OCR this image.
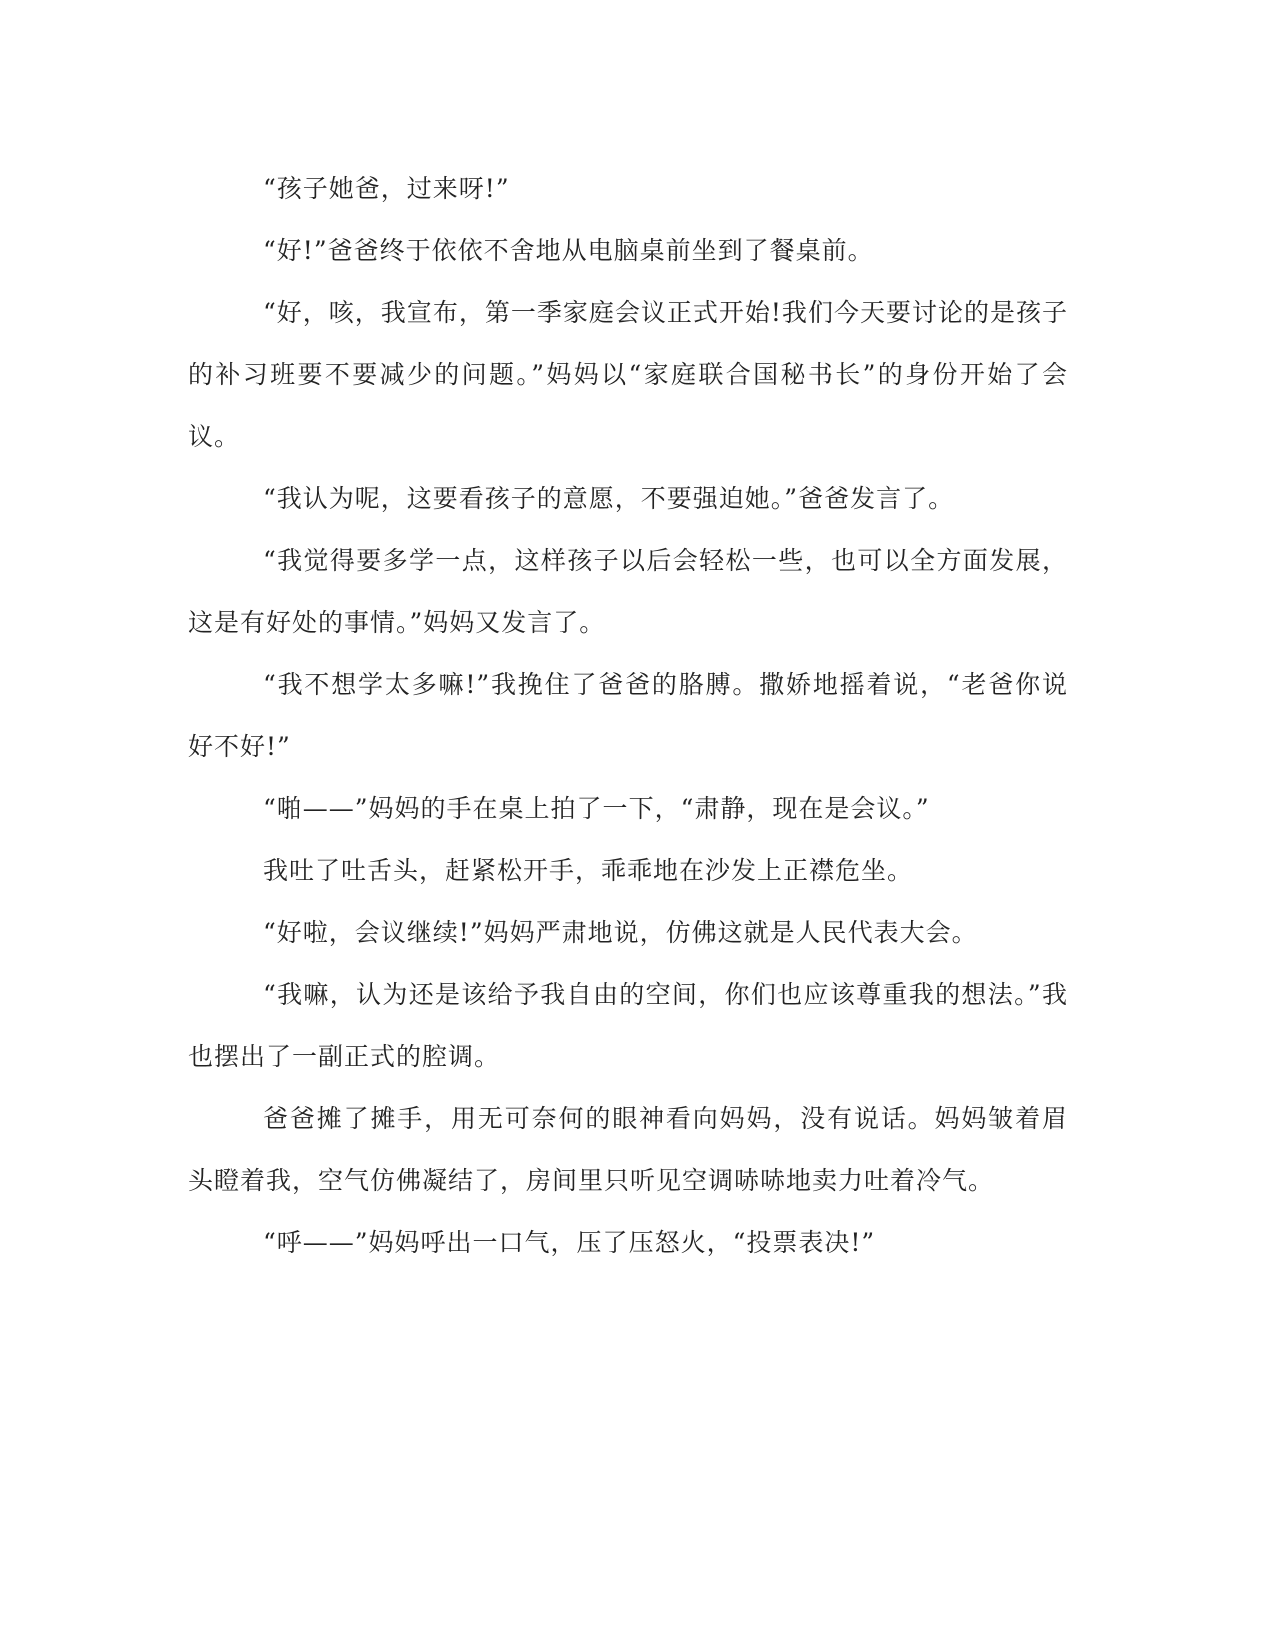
“孩子她爸，过来呀!”

“好!”爸爸终于依依不舍地从电脑桌前坐到了餐桌前。

“好，咳，我宣布，第一季家庭会议正式开始!我们今天要讨论的是孩子的补习班要不要减少的问题。”妈妈以“家庭联合国秘书长”的身份开始了会议。

“我认为呢，这要看孩子的意愿，不要强迫她。”爸爸发言了。

“我觉得要多学一点，这样孩子以后会轻松一些，也可以全方面发展，这是有好处的事情。”妈妈又发言了。

“我不想学太多嘛!”我挽住了爸爸的胳膊。撒娇地摇着说，“老爸你说好不好!”

“啪——”妈妈的手在桌上拍了一下，“肃静，现在是会议。”

我吐了吐舌头，赶紧松开手，乖乖地在沙发上正襟危坐。

“好啦，会议继续!”妈妈严肃地说，仿佛这就是人民代表大会。

“我嘛，认为还是该给予我自由的空间，你们也应该尊重我的想法。”我也摆出了一副正式的腔调。

爸爸摊了摊手，用无可奈何的眼神看向妈妈，没有说话。妈妈皱着眉头瞪着我，空气仿佛凝结了，房间里只听见空调哧哧地卖力吐着冷气。

“呼——”妈妈呼出一口气，压了压怒火，“投票表决!”
